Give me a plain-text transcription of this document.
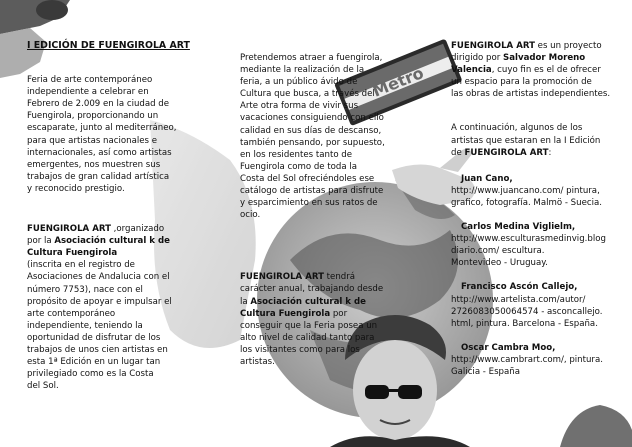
Metro

I EDICIÓN DE FUENGIROLA ART

Feria de arte contemporáneo

independiente a celebrar en

Febrero de 2.009 en la ciudad de

Fuengirola, proporcionando un

escaparate, junto al mediterráneo,

para que artistas nacionales e

internacionales, así como artistas

emergentes, nos muestren sus

trabajos de gran calidad artística

y reconocido prestigio.

FUENGIROLA ART ,organizado

por la Asociación cultural k de

Cultura Fuengirola

(inscrita en el registro de

Asociaciones de Andalucia con el

número 7753), nace con el

propósito de apoyar e impulsar el

arte contemporáneo

independiente, teniendo la

oportunidad de disfrutar de los

trabajos de unos cien artistas en

esta 1ª Edición en un lugar tan

privilegiado como es la Costa

del Sol.

Pretendemos atraer a fuengirola,

mediante la realización de la

feria, a un público ávido de

Cultura que busca, a través del

Arte otra forma de vivir sus

vacaciones consiguiendo con ello

calidad en sus días de descanso,

también pensando, por supuesto,

en los residentes tanto de

Fuengirola como de toda la

Costa del Sol ofreciéndoles ese

catálogo de artistas para disfrute

y esparcimiento en sus ratos de

ocio.

FUENGIROLA ART tendrá

carácter anual, trabajando desde

la Asociación cultural k de

Cultura Fuengirola por

conseguir que la Feria posea un

alto nivel de calidad tanto para

los visitantes como para los

artistas.

FUENGIROLA ART es un proyecto

dirigido por Salvador Moreno

Valencia, cuyo fin es el de ofrecer

un espacio para la promoción de

las obras de artistas independientes.

A continuación, algunos de los

artistas que estaran en la I Edición

de FUENGIROLA ART:

Juan Cano,

http://www.juancano.com/ pintura,

grafico, fotografía. Malmö - Suecia.

Carlos Medina Viglielm,

http://www.esculturasmedinvig.blog

diario.com/ escultura.

Montevideo - Uruguay.

Francisco Ascón Callejo,

http://www.artelista.com/autor/

2726083050064574 - asconcallejo.

html, pintura. Barcelona - España.

Oscar Cambra Moo,

http://www.cambrart.com/, pintura.

Galicia - España
